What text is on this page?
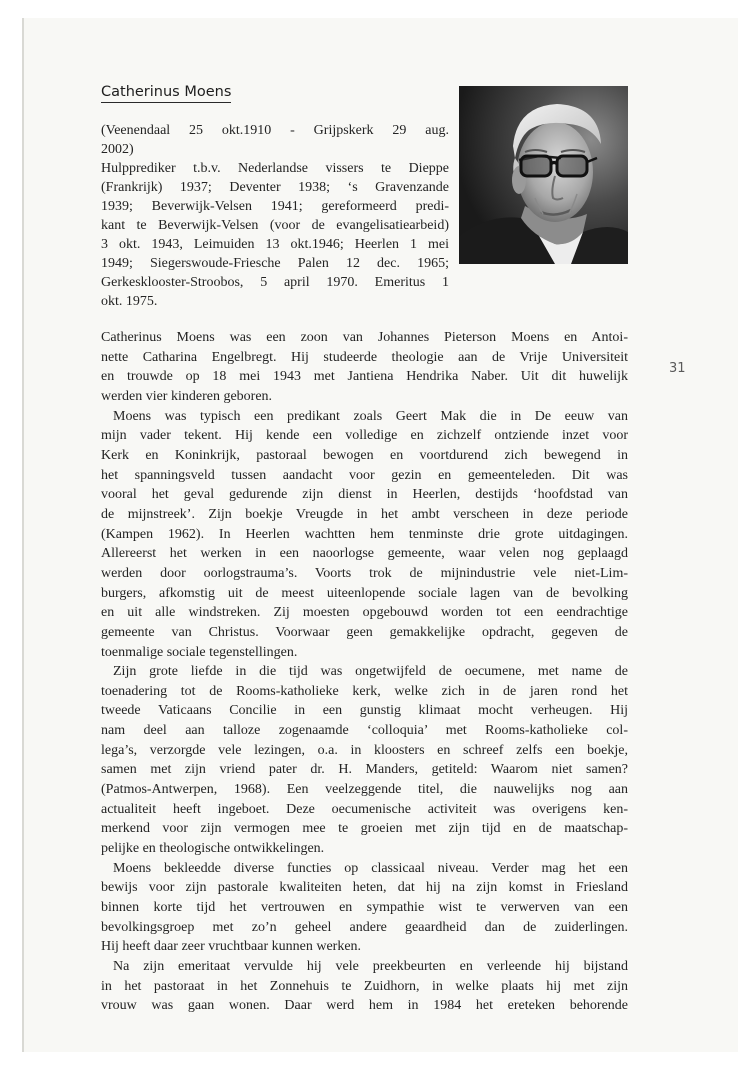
Catherinus Moens
(Veenendaal 25 okt.1910 - Grijpskerk 29 aug.
2002)
Hulpprediker t.b.v. Nederlandse vissers te Dieppe
(Frankrijk) 1937; Deventer 1938; ‘s Gravenzande
1939; Beverwijk-Velsen 1941; gereformeerd predi-
kant te Beverwijk-Velsen (voor de evangelisatiearbeid)
3 okt. 1943, Leimuiden 13 okt.1946; Heerlen 1 mei
1949; Siegerswoude-Friesche Palen 12 dec. 1965;
Gerkesklooster-Stroobos, 5 april 1970. Emeritus 1
okt. 1975.
Catherinus Moens was een zoon van Johannes Pieterson Moens en Antoi-
nette Catharina Engelbregt. Hij studeerde theologie aan de Vrije Universiteit
en trouwde op 18 mei 1943 met Jantiena Hendrika Naber. Uit dit huwelijk
werden vier kinderen geboren.
Moens was typisch een predikant zoals Geert Mak die in De eeuw van
mijn vader tekent. Hij kende een volledige en zichzelf ontziende inzet voor
Kerk en Koninkrijk, pastoraal bewogen en voortdurend zich bewegend in
het spanningsveld tussen aandacht voor gezin en gemeenteleden. Dit was
vooral het geval gedurende zijn dienst in Heerlen, destijds ‘hoofdstad van
de mijnstreek’. Zijn boekje Vreugde in het ambt verscheen in deze periode
(Kampen 1962). In Heerlen wachtten hem tenminste drie grote uitdagingen.
Allereerst het werken in een naoorlogse gemeente, waar velen nog geplaagd
werden door oorlogstrauma’s. Voorts trok de mijnindustrie vele niet-Lim-
burgers, afkomstig uit de meest uiteenlopende sociale lagen van de bevolking
en uit alle windstreken. Zij moesten opgebouwd worden tot een eendrachtige
gemeente van Christus. Voorwaar geen gemakkelijke opdracht, gegeven de
toenmalige sociale tegenstellingen.
Zijn grote liefde in die tijd was ongetwijfeld de oecumene, met name de
toenadering tot de Rooms-katholieke kerk, welke zich in de jaren rond het
tweede Vaticaans Concilie in een gunstig klimaat mocht verheugen. Hij
nam deel aan talloze zogenaamde ‘colloquia’ met Rooms-katholieke col-
lega’s, verzorgde vele lezingen, o.a. in kloosters en schreef zelfs een boekje,
samen met zijn vriend pater dr. H. Manders, getiteld: Waarom niet samen?
(Patmos-Antwerpen, 1968). Een veelzeggende titel, die nauwelijks nog aan
actualiteit heeft ingeboet. Deze oecumenische activiteit was overigens ken-
merkend voor zijn vermogen mee te groeien met zijn tijd en de maatschap-
pelijke en theologische ontwikkelingen.
Moens bekleedde diverse functies op classicaal niveau. Verder mag het een
bewijs voor zijn pastorale kwaliteiten heten, dat hij na zijn komst in Friesland
binnen korte tijd het vertrouwen en sympathie wist te verwerven van een
bevolkingsgroep met zo’n geheel andere geaardheid dan de zuiderlingen.
Hij heeft daar zeer vruchtbaar kunnen werken.
Na zijn emeritaat vervulde hij vele preekbeurten en verleende hij bijstand
in het pastoraat in het Zonnehuis te Zuidhorn, in welke plaats hij met zijn
vrouw was gaan wonen. Daar werd hem in 1984 het ereteken behorende
31
